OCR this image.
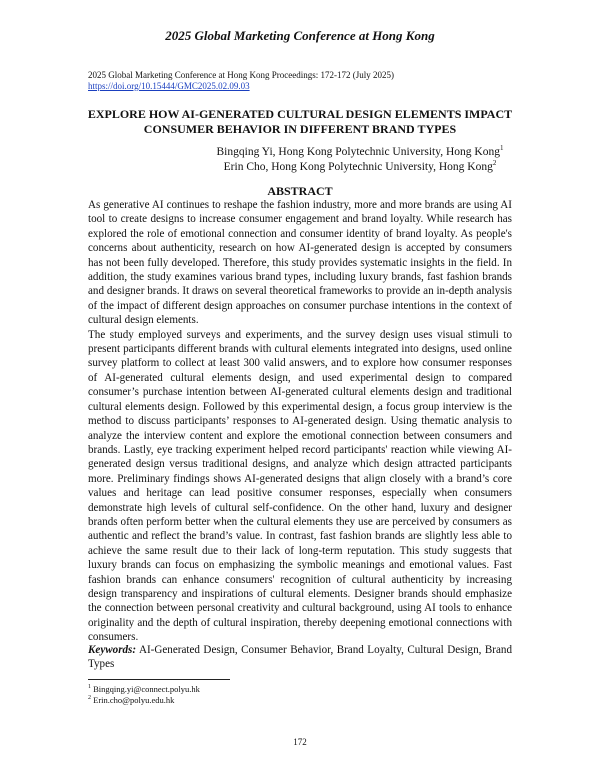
2025 Global Marketing Conference at Hong Kong
2025 Global Marketing Conference at Hong Kong Proceedings: 172-172 (July 2025)
https://doi.org/10.15444/GMC2025.02.09.03
EXPLORE HOW AI-GENERATED CULTURAL DESIGN ELEMENTS IMPACT
CONSUMER BEHAVIOR IN DIFFERENT BRAND TYPES
Bingqing Yi, Hong Kong Polytechnic University, Hong Kong$^1$
Erin Cho, Hong Kong Polytechnic University, Hong Kong$^2$
ABSTRACT

As generative AI continues to reshape the fashion industry, more and more brands are using AI tool to create designs to increase consumer engagement and brand loyalty. While research has explored the role of emotional connection and consumer identity of brand loyalty. As people's concerns about authenticity, research on how AI-generated design is accepted by consumers has not been fully developed. Therefore, this study provides systematic insights in the field. In addition, the study examines various brand types, including luxury brands, fast fashion brands and designer brands. It draws on several theoretical frameworks to provide an in-depth analysis of the impact of different design approaches on consumer purchase intentions in the context of cultural design elements.

The study employed surveys and experiments, and the survey design uses visual stimuli to present participants different brands with cultural elements integrated into designs, used online survey platform to collect at least 300 valid answers, and to explore how consumer responses of AI-generated cultural elements design, and used experimental design to compared consumer’s purchase intention between AI-generated cultural elements design and traditional cultural elements design. Followed by this experimental design, a focus group interview is the method to discuss participants’ responses to AI-generated design. Using thematic analysis to analyze the interview content and explore the emotional connection between consumers and brands. Lastly, eye tracking experiment helped record participants' reaction while viewing AI-generated design versus traditional designs, and analyze which design attracted participants more. Preliminary findings shows AI-generated designs that align closely with a brand’s core values and heritage can lead positive consumer responses, especially when consumers demonstrate high levels of cultural self-confidence. On the other hand, luxury and designer brands often perform better when the cultural elements they use are perceived by consumers as authentic and reflect the brand’s value. In contrast, fast fashion brands are slightly less able to achieve the same result due to their lack of long-term reputation. This study suggests that luxury brands can focus on emphasizing the symbolic meanings and emotional values. Fast fashion brands can enhance consumers' recognition of cultural authenticity by increasing design transparency and inspirations of cultural elements. Designer brands should emphasize the connection between personal creativity and cultural background, using AI tools to enhance originality and the depth of cultural inspiration, thereby deepening emotional connections with consumers.

Keywords: AI-Generated Design, Consumer Behavior, Brand Loyalty, Cultural Design, Brand Types
$^1$ Bingqing.yi@connect.polyu.hk
$^2$ Erin.cho@polyu.edu.hk
172
